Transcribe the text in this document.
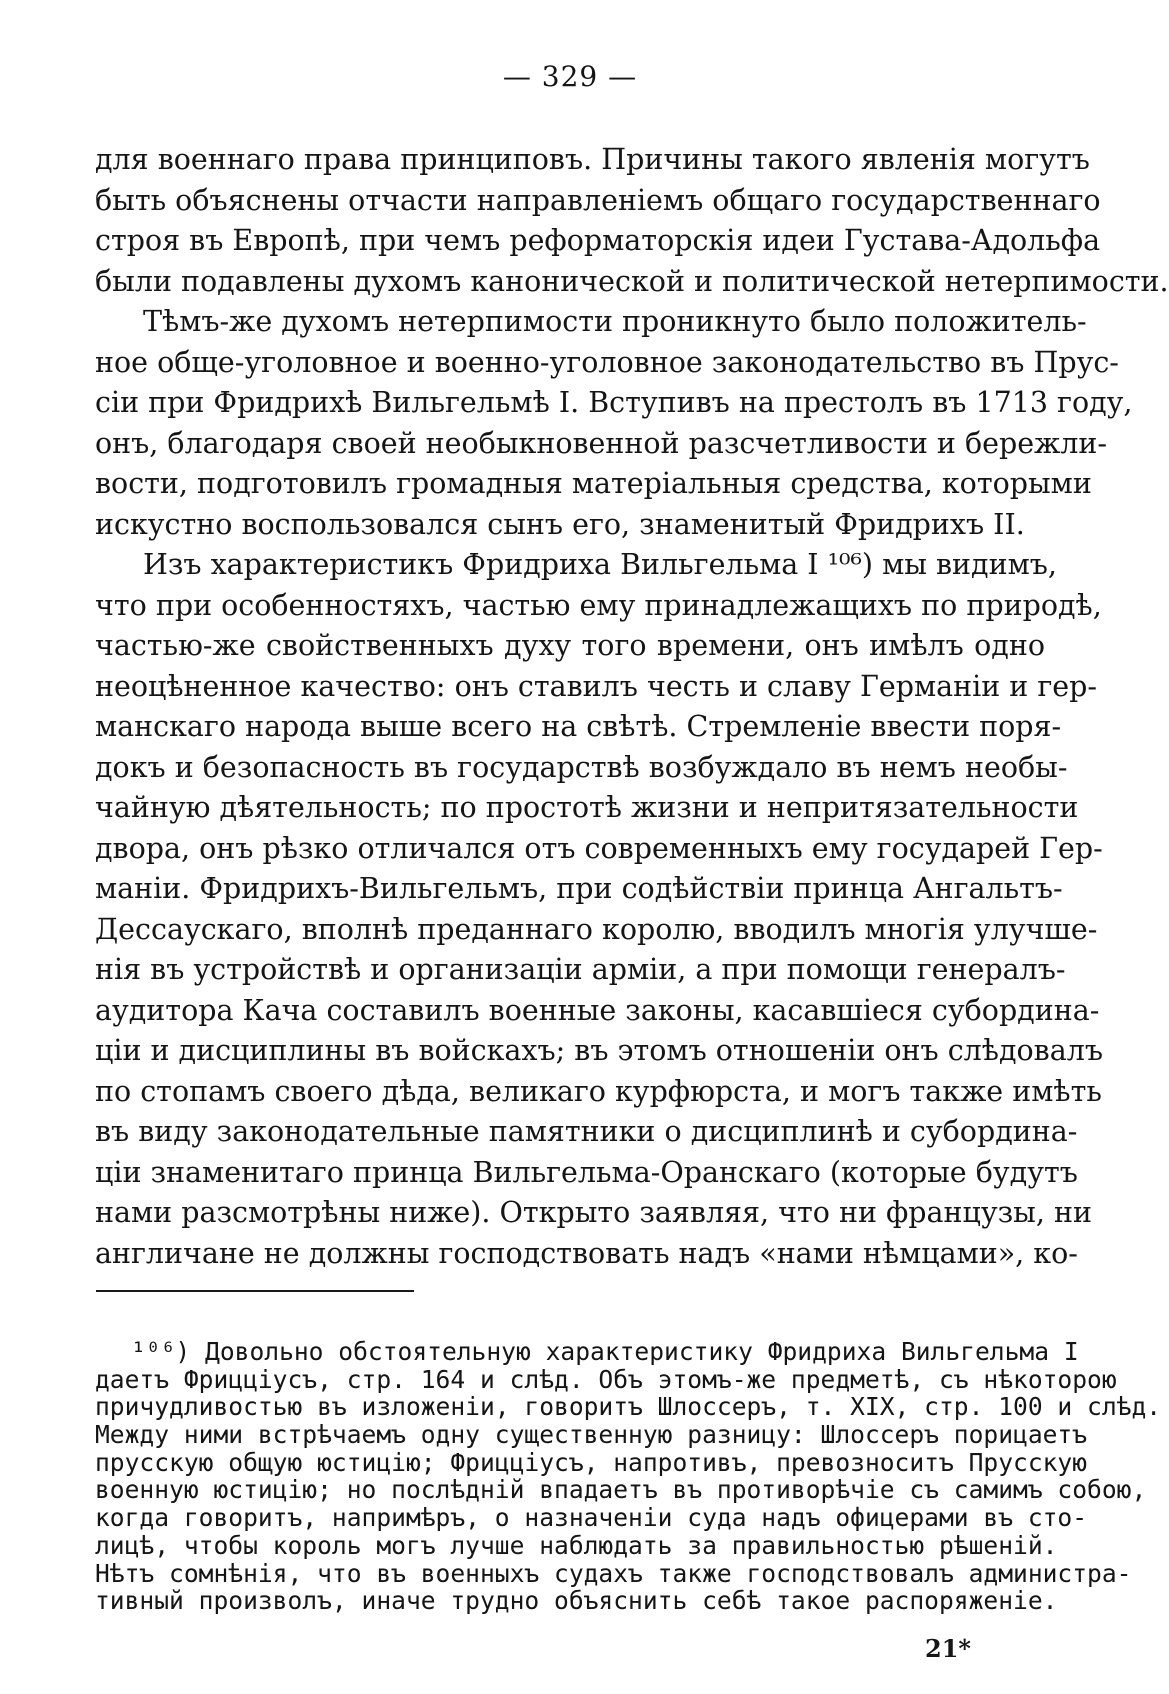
— 329 —
для военнаго права принциповъ. Причины такого явленія могутъ
быть объяснены отчасти направленіемъ общаго государственнаго
строя въ Европѣ, при чемъ реформаторскія идеи Густава-Адольфа
были подавлены духомъ канонической и политической нетерпимости.
Тѣмъ-же духомъ нетерпимости проникнуто было положитель-
ное обще-уголовное и военно-уголовное законодательство въ Прус-
сіи при Фридрихѣ Вильгельмѣ I. Вступивъ на престолъ въ 1713 году,
онъ, благодаря своей необыкновенной разсчетливости и бережли-
вости, подготовилъ громадныя матеріальныя средства, которыми
искустно воспользовался сынъ его, знаменитый Фридрихъ II.
Изъ характеристикъ Фридриха Вильгельма I ¹⁰⁶) мы видимъ,
что при особенностяхъ, частью ему принадлежащихъ по природѣ,
частью-же свойственныхъ духу того времени, онъ имѣлъ одно
неоцѣненное качество: онъ ставилъ честь и славу Германіи и гер-
манскаго народа выше всего на свѣтѣ. Стремленіе ввести поря-
докъ и безопасность въ государствѣ возбуждало въ немъ необы-
чайную дѣятельность; по простотѣ жизни и непритязательности
двора, онъ рѣзко отличался отъ современныхъ ему государей Гер-
маніи. Фридрихъ-Вильгельмъ, при содѣйствіи принца Ангальтъ-
Дессаускаго, вполнѣ преданнаго королю, вводилъ многія улучше-
нія въ устройствѣ и организаціи арміи, а при помощи генералъ-
аудитора Кача составилъ военные законы, касавшіеся субордина-
ціи и дисциплины въ войскахъ; въ этомъ отношеніи онъ слѣдовалъ
по стопамъ своего дѣда, великаго курфюрста, и могъ также имѣть
въ виду законодательные памятники о дисциплинѣ и субордина-
ціи знаменитаго принца Вильгельма-Оранскаго (которые будутъ
нами разсмотрѣны ниже). Открыто заявляя, что ни французы, ни
англичане не должны господствовать надъ «нами нѣмцами», ко-
¹⁰⁶) Довольно обстоятельную характеристику Фридриха Вильгельма I
даетъ Фрицціусъ, стр. 164 и слѣд. Объ этомъ-же предметѣ, съ нѣкоторою
причудливостью въ изложеніи, говоритъ Шлоссеръ, т. XIX, стр. 100 и слѣд.
Между ними встрѣчаемъ одну существенную разницу: Шлоссеръ порицаетъ
прусскую общую юстицію; Фрицціусъ, напротивъ, превозноситъ Прусскую
военную юстицію; но послѣдній впадаетъ въ противорѣчіе съ самимъ собою,
когда говоритъ, напримѣръ, о назначеніи суда надъ офицерами въ сто-
лицѣ, чтобы король могъ лучше наблюдать за правильностью рѣшеній.
Нѣтъ сомнѣнія, что въ военныхъ судахъ также господствовалъ администра-
тивный произволъ, иначе трудно объяснить себѣ такое распоряженіе.
21*
